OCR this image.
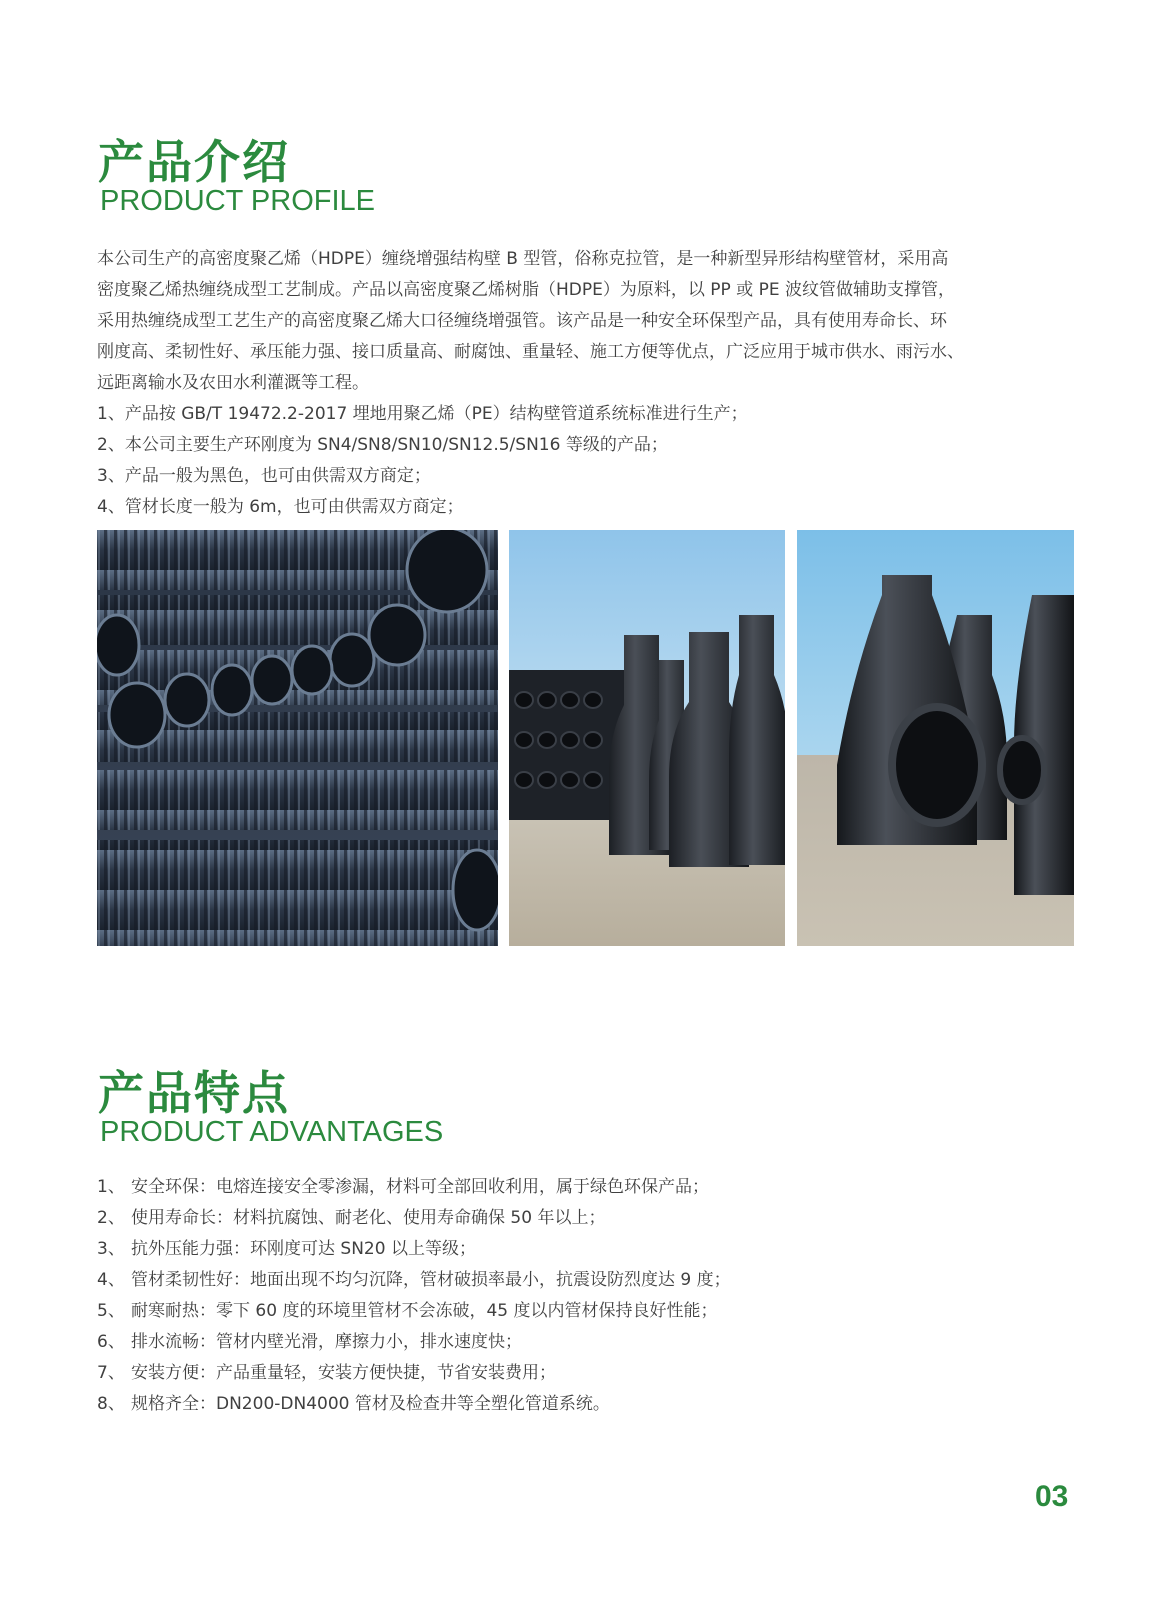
产品介绍
PRODUCT PROFILE
本公司生产的高密度聚乙烯（HDPE）缠绕增强结构壁 B 型管，俗称克拉管，是一种新型异形结构壁管材，采用高
密度聚乙烯热缠绕成型工艺制成。产品以高密度聚乙烯树脂（HDPE）为原料，以 PP 或 PE 波纹管做辅助支撑管，
采用热缠绕成型工艺生产的高密度聚乙烯大口径缠绕增强管。该产品是一种安全环保型产品，具有使用寿命长、环
刚度高、柔韧性好、承压能力强、接口质量高、耐腐蚀、重量轻、施工方便等优点，广泛应用于城市供水、雨污水、
远距离输水及农田水利灌溉等工程。
1、产品按 GB/T 19472.2-2017 埋地用聚乙烯（PE）结构壁管道系统标准进行生产；
2、本公司主要生产环刚度为 SN4/SN8/SN10/SN12.5/SN16 等级的产品；
3、产品一般为黑色，也可由供需双方商定；
4、管材长度一般为 6m，也可由供需双方商定；
产品特点
PRODUCT ADVANTAGES
1、 安全环保：电熔连接安全零渗漏，材料可全部回收利用，属于绿色环保产品；
2、 使用寿命长：材料抗腐蚀、耐老化、使用寿命确保 50 年以上；
3、 抗外压能力强：环刚度可达 SN20 以上等级；
4、 管材柔韧性好：地面出现不均匀沉降，管材破损率最小，抗震设防烈度达 9 度；
5、 耐寒耐热：零下 60 度的环境里管材不会冻破，45 度以内管材保持良好性能；
6、 排水流畅：管材内壁光滑，摩擦力小，排水速度快；
7、 安装方便：产品重量轻，安装方便快捷，节省安装费用；
8、 规格齐全：DN200-DN4000 管材及检查井等全塑化管道系统。
03
